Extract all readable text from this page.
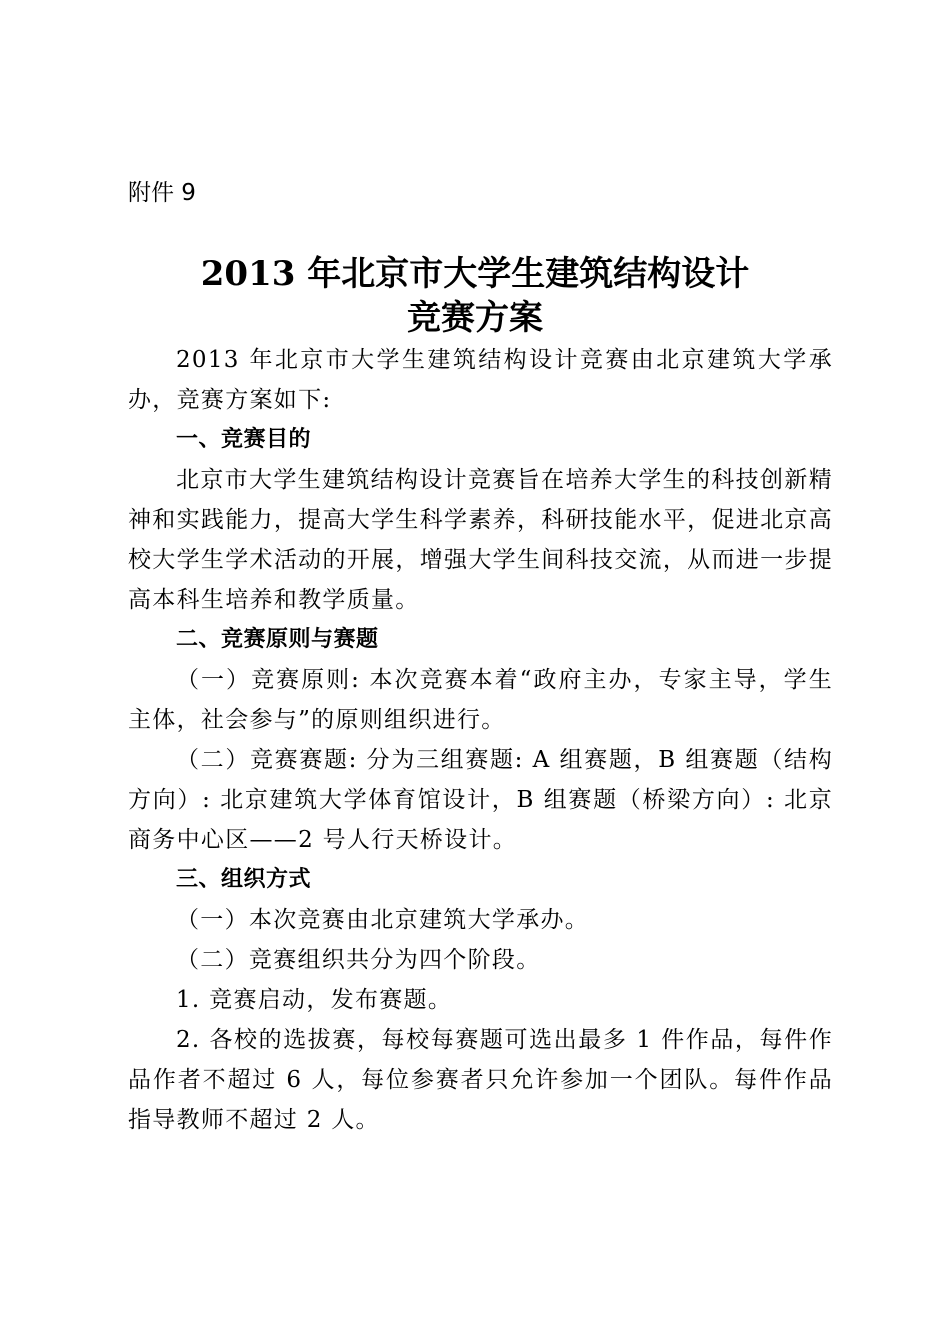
附件 9

2013 年北京市大学生建筑结构设计
竞赛方案

2013 年北京市大学生建筑结构设计竞赛由北京建筑大学承办，竞赛方案如下:

一、竞赛目的

北京市大学生建筑结构设计竞赛旨在培养大学生的科技创新精神和实践能力，提高大学生科学素养，科研技能水平，促进北京高校大学生学术活动的开展，增强大学生间科技交流，从而进一步提高本科生培养和教学质量。

二、竞赛原则与赛题

（一）竞赛原则: 本次竞赛本着“政府主办，专家主导，学生主体，社会参与”的原则组织进行。

（二）竞赛赛题: 分为三组赛题: A 组赛题，B 组赛题（结构方向）: 北京建筑大学体育馆设计，B 组赛题（桥梁方向）: 北京商务中心区——2 号人行天桥设计。

三、组织方式

（一）本次竞赛由北京建筑大学承办。

（二）竞赛组织共分为四个阶段。

1. 竞赛启动，发布赛题。

2. 各校的选拔赛，每校每赛题可选出最多 1 件作品，每件作品作者不超过 6 人，每位参赛者只允许参加一个团队。每件作品指导教师不超过 2 人。
